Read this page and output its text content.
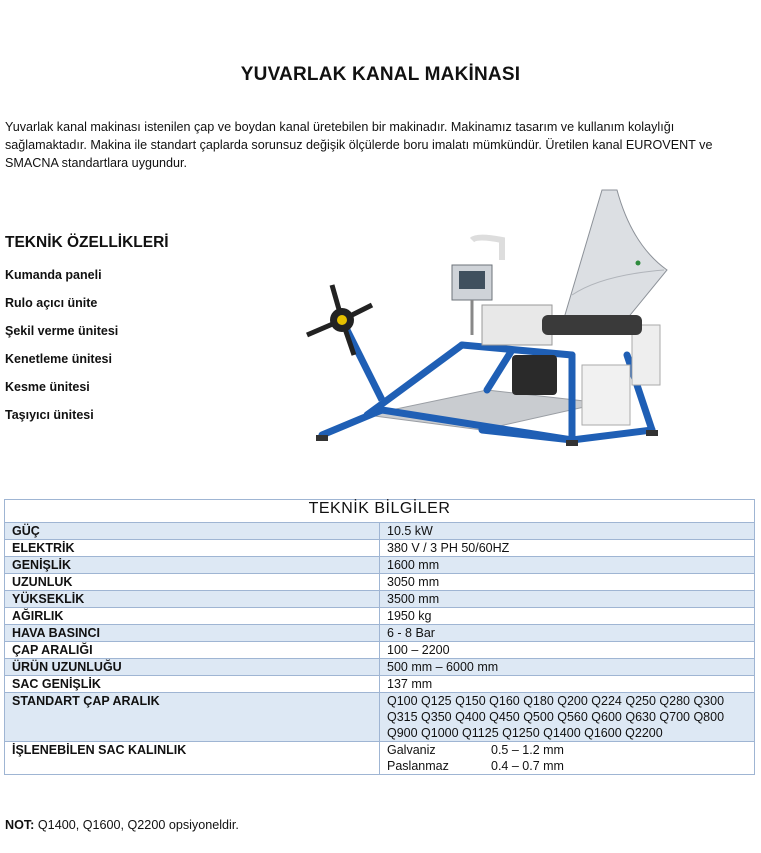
YUVARLAK KANAL MAKİNASI
Yuvarlak kanal makinası istenilen çap ve boydan kanal üretebilen bir makinadır. Makinamız tasarım ve kullanım kolaylığı sağlamaktadır. Makina ile standart çaplarda sorunsuz değişik ölçülerde boru imalatı mümkündür. Üretilen kanal EUROVENT ve SMACNA standartlara uygundur.
TEKNİK ÖZELLİKLERİ
Kumanda paneli
Rulo açıcı ünite
Şekil verme ünitesi
Kenetleme ünitesi
Kesme ünitesi
Taşıyıcı ünitesi
TEKNİK BİLGİLER	
GÜÇ	10.5 kW
ELEKTRİK	380 V / 3 PH 50/60HZ
GENİŞLİK	1600 mm
UZUNLUK	3050 mm
YÜKSEKLİK	3500 mm
AĞIRLIK	1950 kg
HAVA BASINCI	6 - 8 Bar
ÇAP ARALIĞI	100 – 2200
ÜRÜN UZUNLUĞU	500 mm – 6000 mm
SAC GENİŞLİK	137 mm
STANDART ÇAP ARALIK	Q100 Q125 Q150 Q160 Q180 Q200 Q224 Q250 Q280 Q300 Q315 Q350 Q400 Q450 Q500 Q560 Q600 Q630 Q700 Q800 Q900 Q1000 Q1125 Q1250 Q1400 Q1600 Q2200
İŞLENEBİLEN SAC KALINLIK	Galvaniz 0.5 – 1.2 mm
Paslanmaz 0.4 – 0.7 mm
NOT: Q1400, Q1600, Q2200 opsiyoneldir.
